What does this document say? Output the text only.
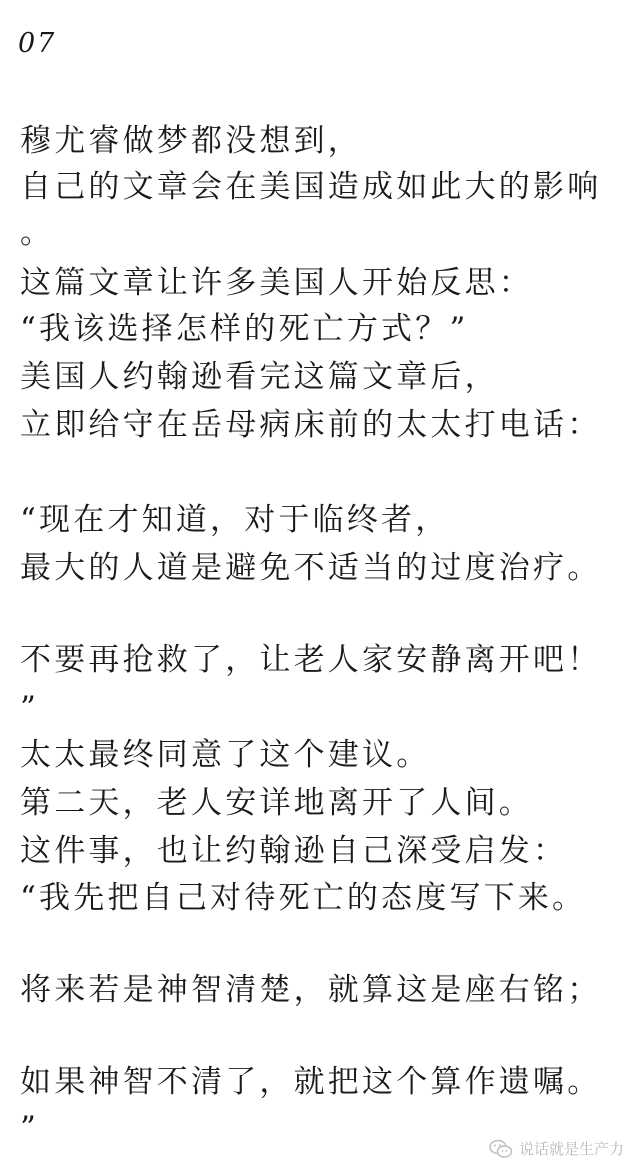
07
穆尤睿做梦都没想到，
自己的文章会在美国造成如此大的影响
。
这篇文章让许多美国人开始反思：
“我该选择怎样的死亡方式？”
美国人约翰逊看完这篇文章后，
立即给守在岳母病床前的太太打电话：
“现在才知道，对于临终者，
最大的人道是避免不适当的过度治疗。
不要再抢救了，让老人家安静离开吧！
”
太太最终同意了这个建议。
第二天，老人安详地离开了人间。
这件事，也让约翰逊自己深受启发：
“我先把自己对待死亡的态度写下来。
将来若是神智清楚，就算这是座右铭；
如果神智不清了，就把这个算作遗嘱。
”
说话就是生产力
